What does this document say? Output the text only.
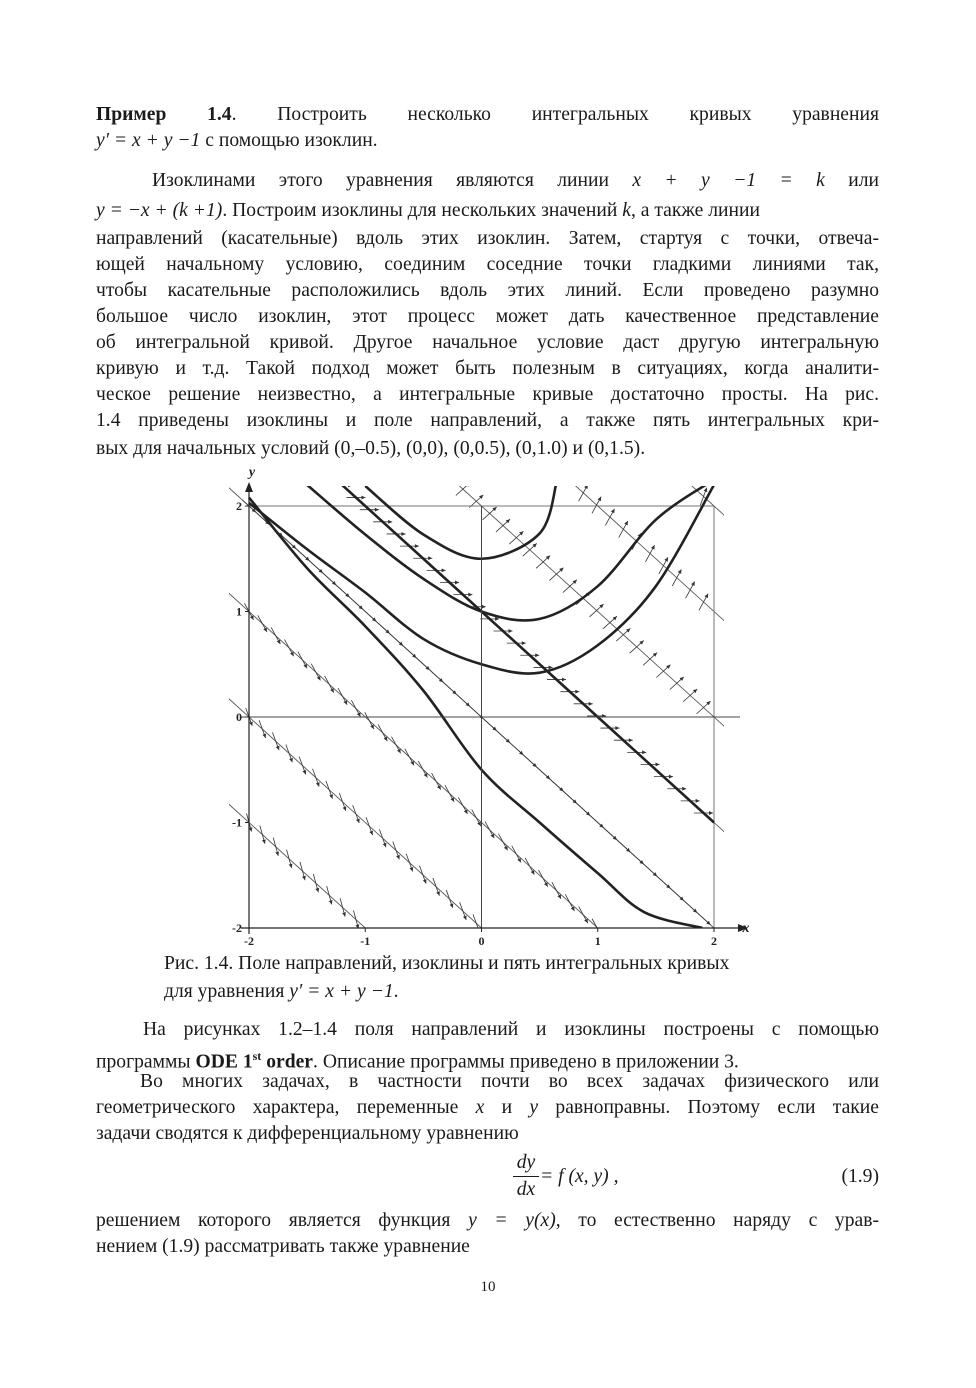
Пример 1.4. Построить несколько интегральных кривых уравнения
y′ = x + y −1 с помощью изоклин.
Изоклинами этого уравнения являются линии x + y −1 = k или
y = −x + (k +1). Построим изоклины для нескольких значений k, а также линии
направлений (касательные) вдоль этих изоклин. Затем, стартуя с точки, отвеча-
ющей начальному условию, соединим соседние точки гладкими линиями так,
чтобы касательные расположились вдоль этих линий. Если проведено разумно
большое число изоклин, этот процесс может дать качественное представление
об интегральной кривой. Другое начальное условие даст другую интегральную
кривую и т.д. Такой подход может быть полезным в ситуациях, когда аналити-
ческое решение неизвестно, а интегральные кривые достаточно просты. На рис.
1.4 приведены изоклины и поле направлений, а также пять интегральных кри-
вых для начальных условий (0,–0.5), (0,0), (0,0.5), (0,1.0) и (0,1.5).
-2	-1	0	1	2
2
1
0
-1
-2	x
y
Рис. 1.4. Поле направлений, изоклины и пять интегральных кривых
для уравнения y′ = x + y −1.
На рисунках 1.2–1.4 поля направлений и изоклины построены с помощью
программы ODE 1st order. Описание программы приведено в приложении 3.
Во многих задачах, в частности почти во всех задачах физического или
геометрического характера, переменные x и y равноправны. Поэтому если такие
задачи сводятся к дифференциальному уравнению
dy
dx
= f (x, y) ,	(1.9)
решением которого является функция y = y(x), то естественно наряду с урав-
нением (1.9) рассматривать также уравнение
10
